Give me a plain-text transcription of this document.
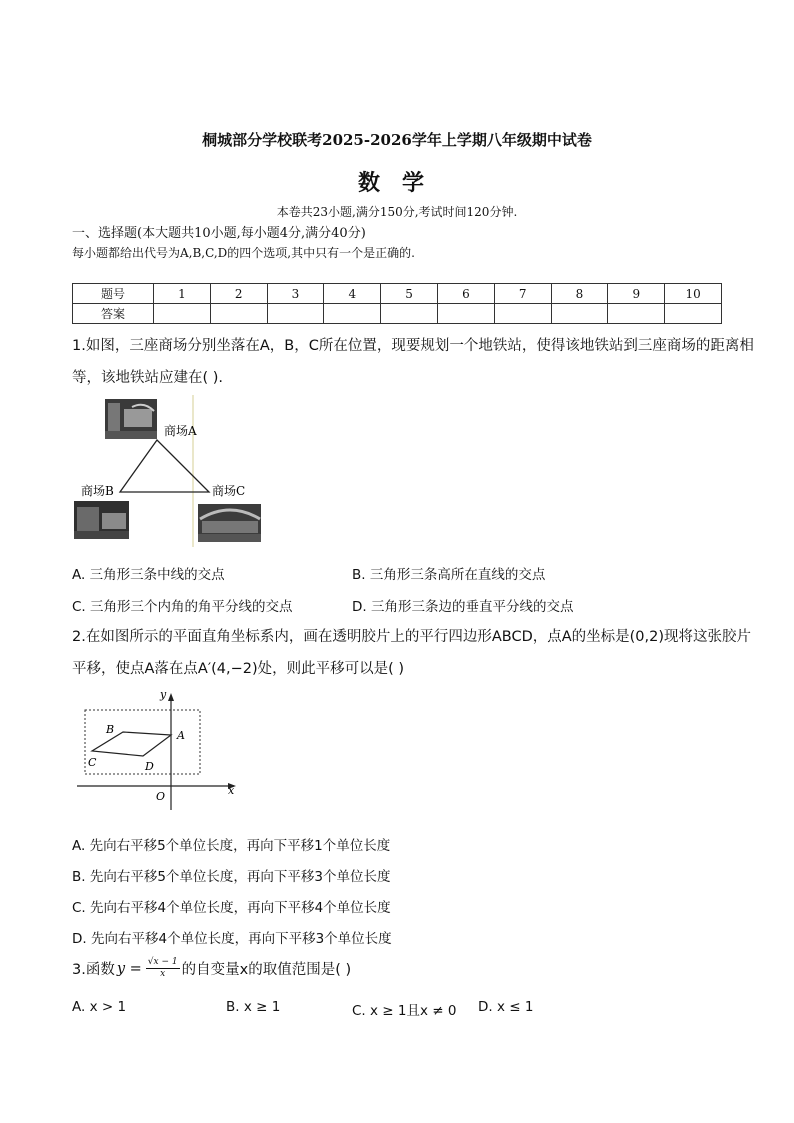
桐城部分学校联考2025-2026学年上学期八年级期中试卷
数学
本卷共23小题,满分150分,考试时间120分钟.
一、选择题(本大题共10小题,每小题4分,满分40分)
每小题都给出代号为A,B,C,D的四个选项,其中只有一个是正确的.
题号	1	2	3	4	5	6	7	8	9	10
答案										
1.如图，三座商场分别坐落在A，B，C所在位置，现要规划一个地铁站，使得该地铁站到三座商场的距离相
等，该地铁站应建在( ).
商场A
商场B	商场C
A. 三角形三条中线的交点	B. 三角形三条高所在直线的交点
C. 三角形三个内角的角平分线的交点	D. 三角形三条边的垂直平分线的交点
2.在如图所示的平面直角坐标系内，画在透明胶片上的平行四边形ABCD，点A的坐标是(0,2)现将这张胶片
平移，使点A落在点A′(4,−2)处，则此平移可以是( )
y
x
O
A
B
C	D
A. 先向右平移5个单位长度，再向下平移1个单位长度
B. 先向右平移5个单位长度，再向下平移3个单位长度
C. 先向右平移4个单位长度，再向下平移4个单位长度
D. 先向右平移4个单位长度，再向下平移3个单位长度
3.函数 $y = \frac{√x - 1}{x}$ 的自变量x的取值范围是( )
A. x > 1	B. x ≥ 1	C. x ≥ 1且x ≠ 0 D. x ≤ 1
